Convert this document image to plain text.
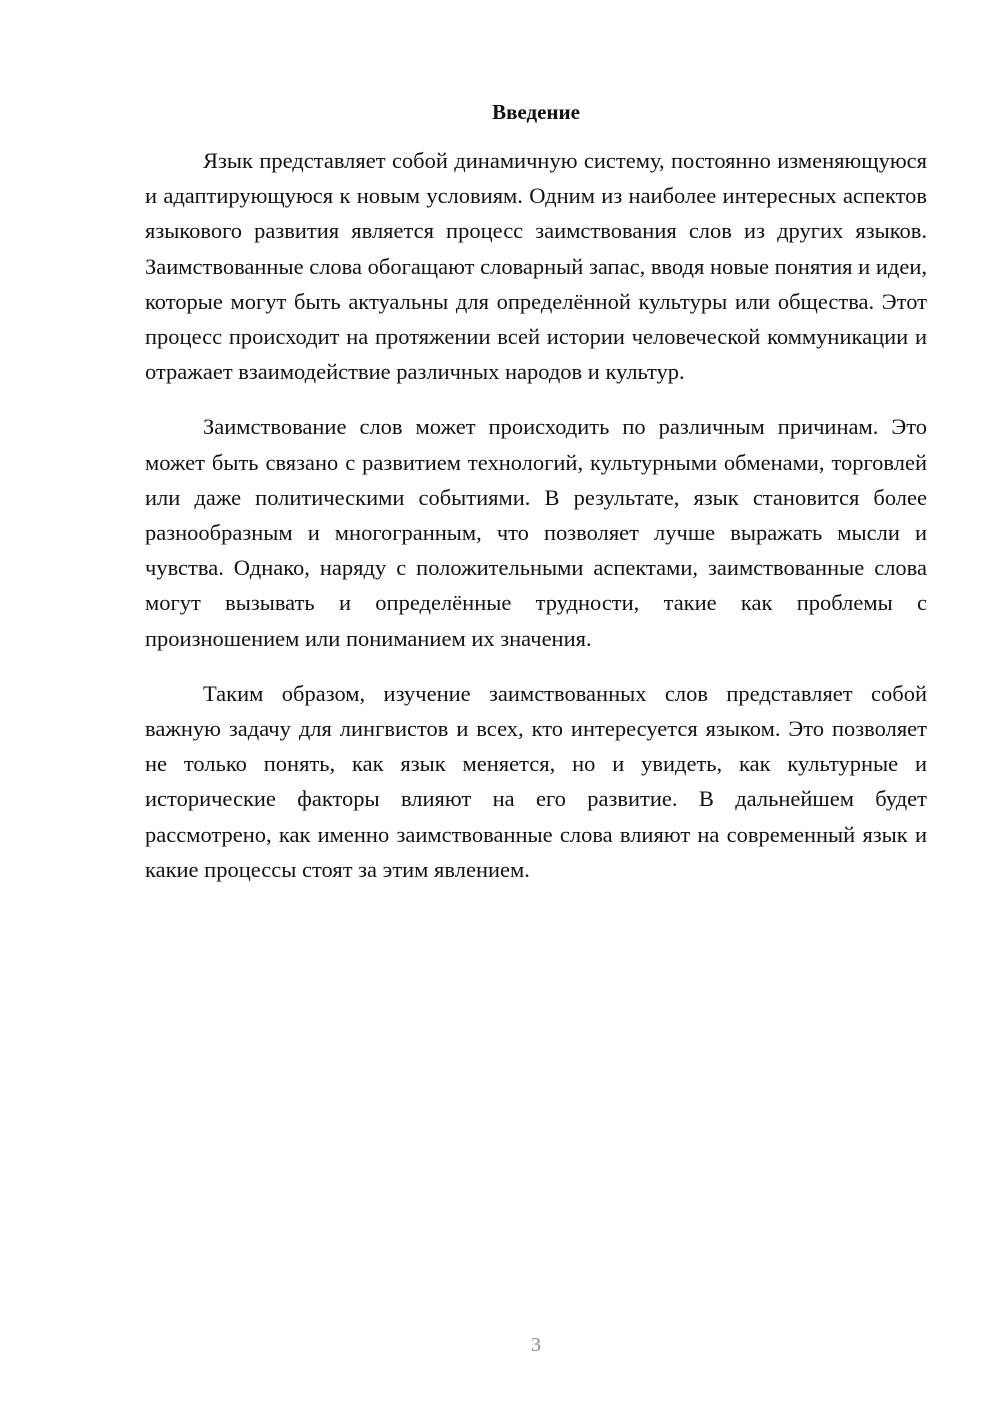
Введение

Язык представляет собой динамичную систему, постоянно изменяющуюся и адаптирующуюся к новым условиям. Одним из наиболее интересных аспектов языкового развития является процесс заимствования слов из других языков. Заимствованные слова обогащают словарный запас, вводя новые понятия и идеи, которые могут быть актуальны для определённой культуры или общества. Этот процесс происходит на протяжении всей истории человеческой коммуникации и отражает взаимодействие различных народов и культур.

Заимствование слов может происходить по различным причинам. Это может быть связано с развитием технологий, культурными обменами, торговлей или даже политическими событиями. В результате, язык становится более разнообразным и многогранным, что позволяет лучше выражать мысли и чувства. Однако, наряду с положительными аспектами, заимствованные слова могут вызывать и определённые трудности, такие как проблемы с произношением или пониманием их значения.

Таким образом, изучение заимствованных слов представляет собой важную задачу для лингвистов и всех, кто интересуется языком. Это позволяет не только понять, как язык меняется, но и увидеть, как культурные и исторические факторы влияют на его развитие. В дальнейшем будет рассмотрено, как именно заимствованные слова влияют на современный язык и какие процессы стоят за этим явлением.

3
